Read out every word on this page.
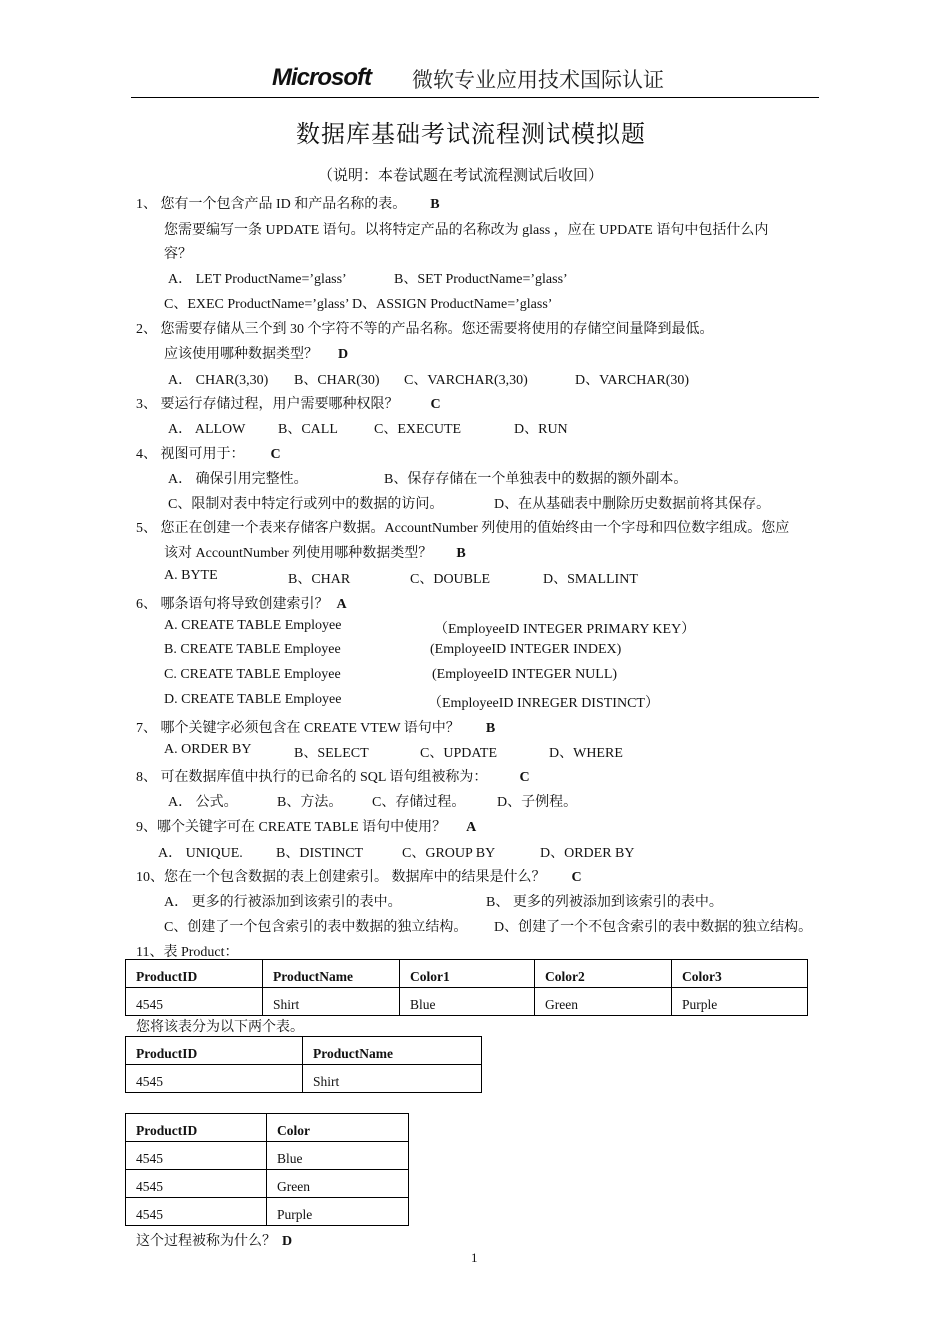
Microsoft 微软专业应用技术国际认证
数据库基础考试流程测试模拟题
（说明：本卷试题在考试流程测试后收回）
1、 您有一个包含产品 ID 和产品名称的表。 B
您需要编写一条 UPDATE 语句。以将特定产品的名称改为 glass ，应在 UPDATE 语句中包括什么内
容？
A． LET ProductName=’glass’	B、SET ProductName=’glass’
C、EXEC ProductName=’glass’ D、ASSIGN ProductName=’glass’
2、 您需要存储从三个到 30 个字符不等的产品名称。您还需要将使用的存储空间量降到最低。
应该使用哪种数据类型？ D
A． CHAR(3,30) B、CHAR(30) C、VARCHAR(3,30)	D、VARCHAR(30)
3、 要运行存储过程，用户需要哪种权限？ C
A． ALLOW B、CALL	C、EXECUTE	D、RUN
4、 视图可用于： C
A． 确保引用完整性。	B、保存存储在一个单独表中的数据的额外副本。
C、限制对表中特定行或列中的数据的访问。	D、在从基础表中删除历史数据前将其保存。
5、 您正在创建一个表来存储客户数据。AccountNumber 列使用的值始终由一个字母和四位数字组成。您应
该对 AccountNumber 列使用哪种数据类型？ B
A. BYTE	B、CHAR	C、DOUBLE	D、SMALLINT
6、 哪条语句将导致创建索引？ A
A. CREATE TABLE Employee	（EmployeeID INTEGER PRIMARY KEY）
B. CREATE TABLE Employee	(EmployeeID INTEGER INDEX)
C. CREATE TABLE Employee	(EmployeeID INTEGER NULL)
D. CREATE TABLE Employee	（EmployeeID INREGER DISTINCT）
7、 哪个关键字必须包含在 CREATE VTEW 语句中？ B
A. ORDER BY	B、SELECT	C、UPDATE	D、WHERE
8、 可在数据库值中执行的已命名的 SQL 语句组被称为： C
A． 公式。	B、方法。 C、存储过程。 D、子例程。
9、哪个关键字可在 CREATE TABLE 语句中使用？ A
A． UNIQUE. B、DISTINCT	C、GROUP BY	D、ORDER BY
10、您在一个包含数据的表上创建索引。 数据库中的结果是什么？ C
A． 更多的行被添加到该索引的表中。	B、 更多的列被添加到该索引的表中。
C、创建了一个包含索引的表中数据的独立结构。 D、创建了一个不包含索引的表中数据的独立结构。
11、表 Product：
ProductID	ProductName	Color1	Color2	Color3
4545	Shirt	Blue	Green	Purple
您将该表分为以下两个表。
ProductID	ProductName
4545	Shirt
ProductID	Color
4545	Blue
4545	Green
4545	Purple
这个过程被称为什么？ D
1
